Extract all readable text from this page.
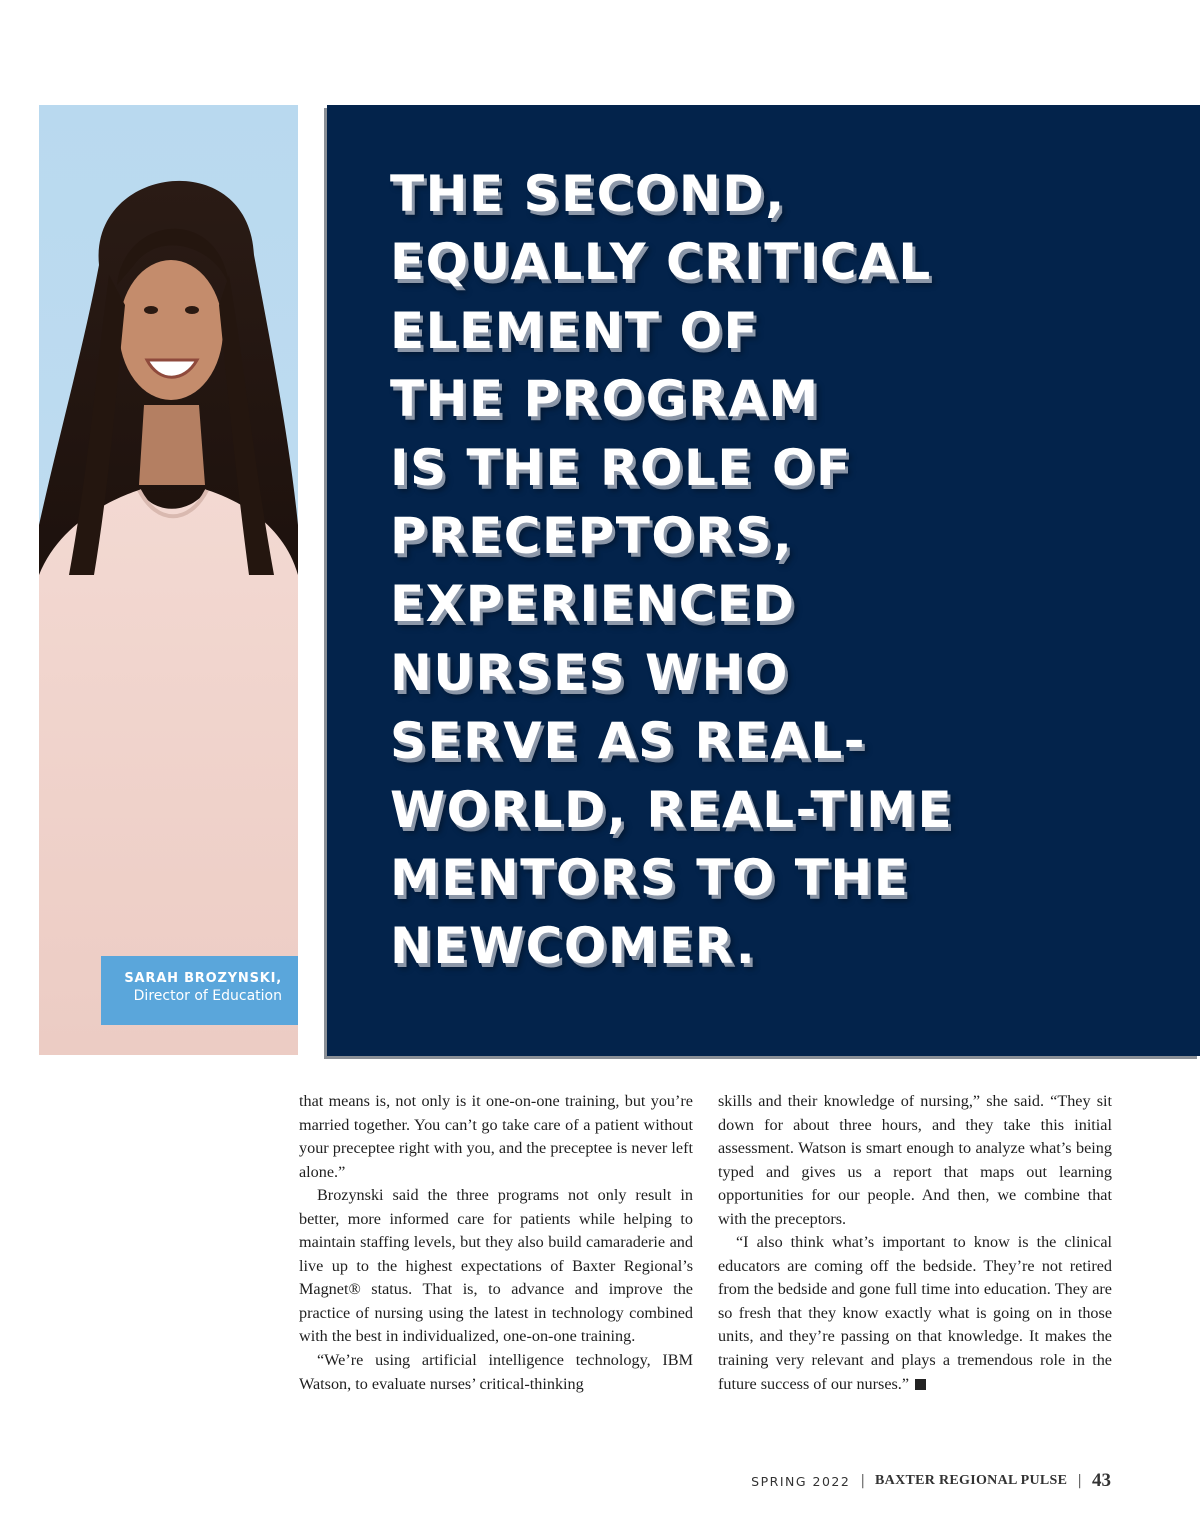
SARAH BROZYNSKI,
Director of Education

THE SECOND,
EQUALLY CRITICAL
ELEMENT OF
THE PROGRAM
IS THE ROLE OF
PRECEPTORS,
EXPERIENCED
NURSES WHO
SERVE AS REAL-
WORLD, REAL-TIME
MENTORS TO THE
NEWCOMER.

that means is, not only is it one-on-one training, but you’re married together. You can’t go take care of a patient without your preceptee right with you, and the preceptee is never left alone.”

Brozynski said the three programs not only result in better, more informed care for patients while helping to maintain staffing levels, but they also build camaraderie and live up to the highest expectations of Baxter Regional’s Magnet® status. That is, to advance and improve the practice of nursing using the latest in technology combined with the best in individualized, one-on-one training.

“We’re using artificial intelligence technology, IBM Watson, to evaluate nurses’ critical-thinking

skills and their knowledge of nursing,” she said. “They sit down for about three hours, and they take this initial assessment. Watson is smart enough to analyze what’s being typed and gives us a report that maps out learning opportunities for our people. And then, we combine that with the preceptors.

“I also think what’s important to know is the clinical educators are coming off the bedside. They’re not retired from the bedside and gone full time into education. They are so fresh that they know exactly what is going on in those units, and they’re passing on that knowledge. It makes the training very relevant and plays a tremendous role in the future success of our nurses.”

SPRING 2022 | BAXTER REGIONAL PULSE | 43
